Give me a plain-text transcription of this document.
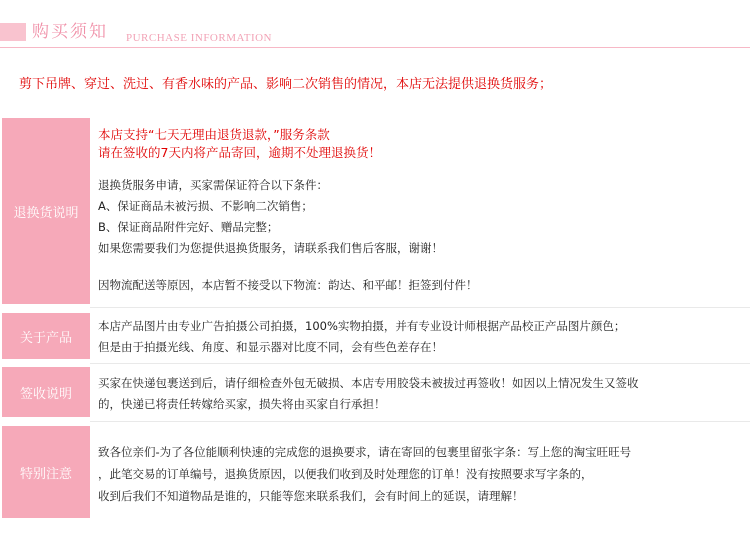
购买须知 PURCHASE INFORMATION
剪下吊牌、穿过、洗过、有香水味的产品、影响二次销售的情况，本店无法提供退换货服务；
退换货说明
本店支持“七天无理由退货退款，”服务条款
请在签收的7天内将产品寄回，逾期不处理退换货！
退换货服务申请，买家需保证符合以下条件：
A、保证商品未被污损、不影响二次销售；
B、保证商品附件完好、赠品完整；
如果您需要我们为您提供退换货服务，请联系我们售后客服，谢谢！
因物流配送等原因，本店暂不接受以下物流：韵达、和平邮！拒签到付件！
关于产品
本店产品图片由专业广告拍摄公司拍摄，100%实物拍摄，并有专业设计师根据产品校正产品图片颜色；
但是由于拍摄光线、角度、和显示器对比度不同，会有些色差存在！
签收说明
买家在快递包裹送到后，请仔细检查外包无破损、本店专用胶袋未被拔过再签收！如因以上情况发生又签收
的，快递已将责任转嫁给买家，损失将由买家自行承担！
特别注意
致各位亲们-为了各位能顺利快速的完成您的退换要求，请在寄回的包裹里留张字条：写上您的淘宝旺旺号
，此笔交易的订单编号，退换货原因，以便我们收到及时处理您的订单！没有按照要求写字条的，
收到后我们不知道物品是谁的，只能等您来联系我们，会有时间上的延误，请理解！
